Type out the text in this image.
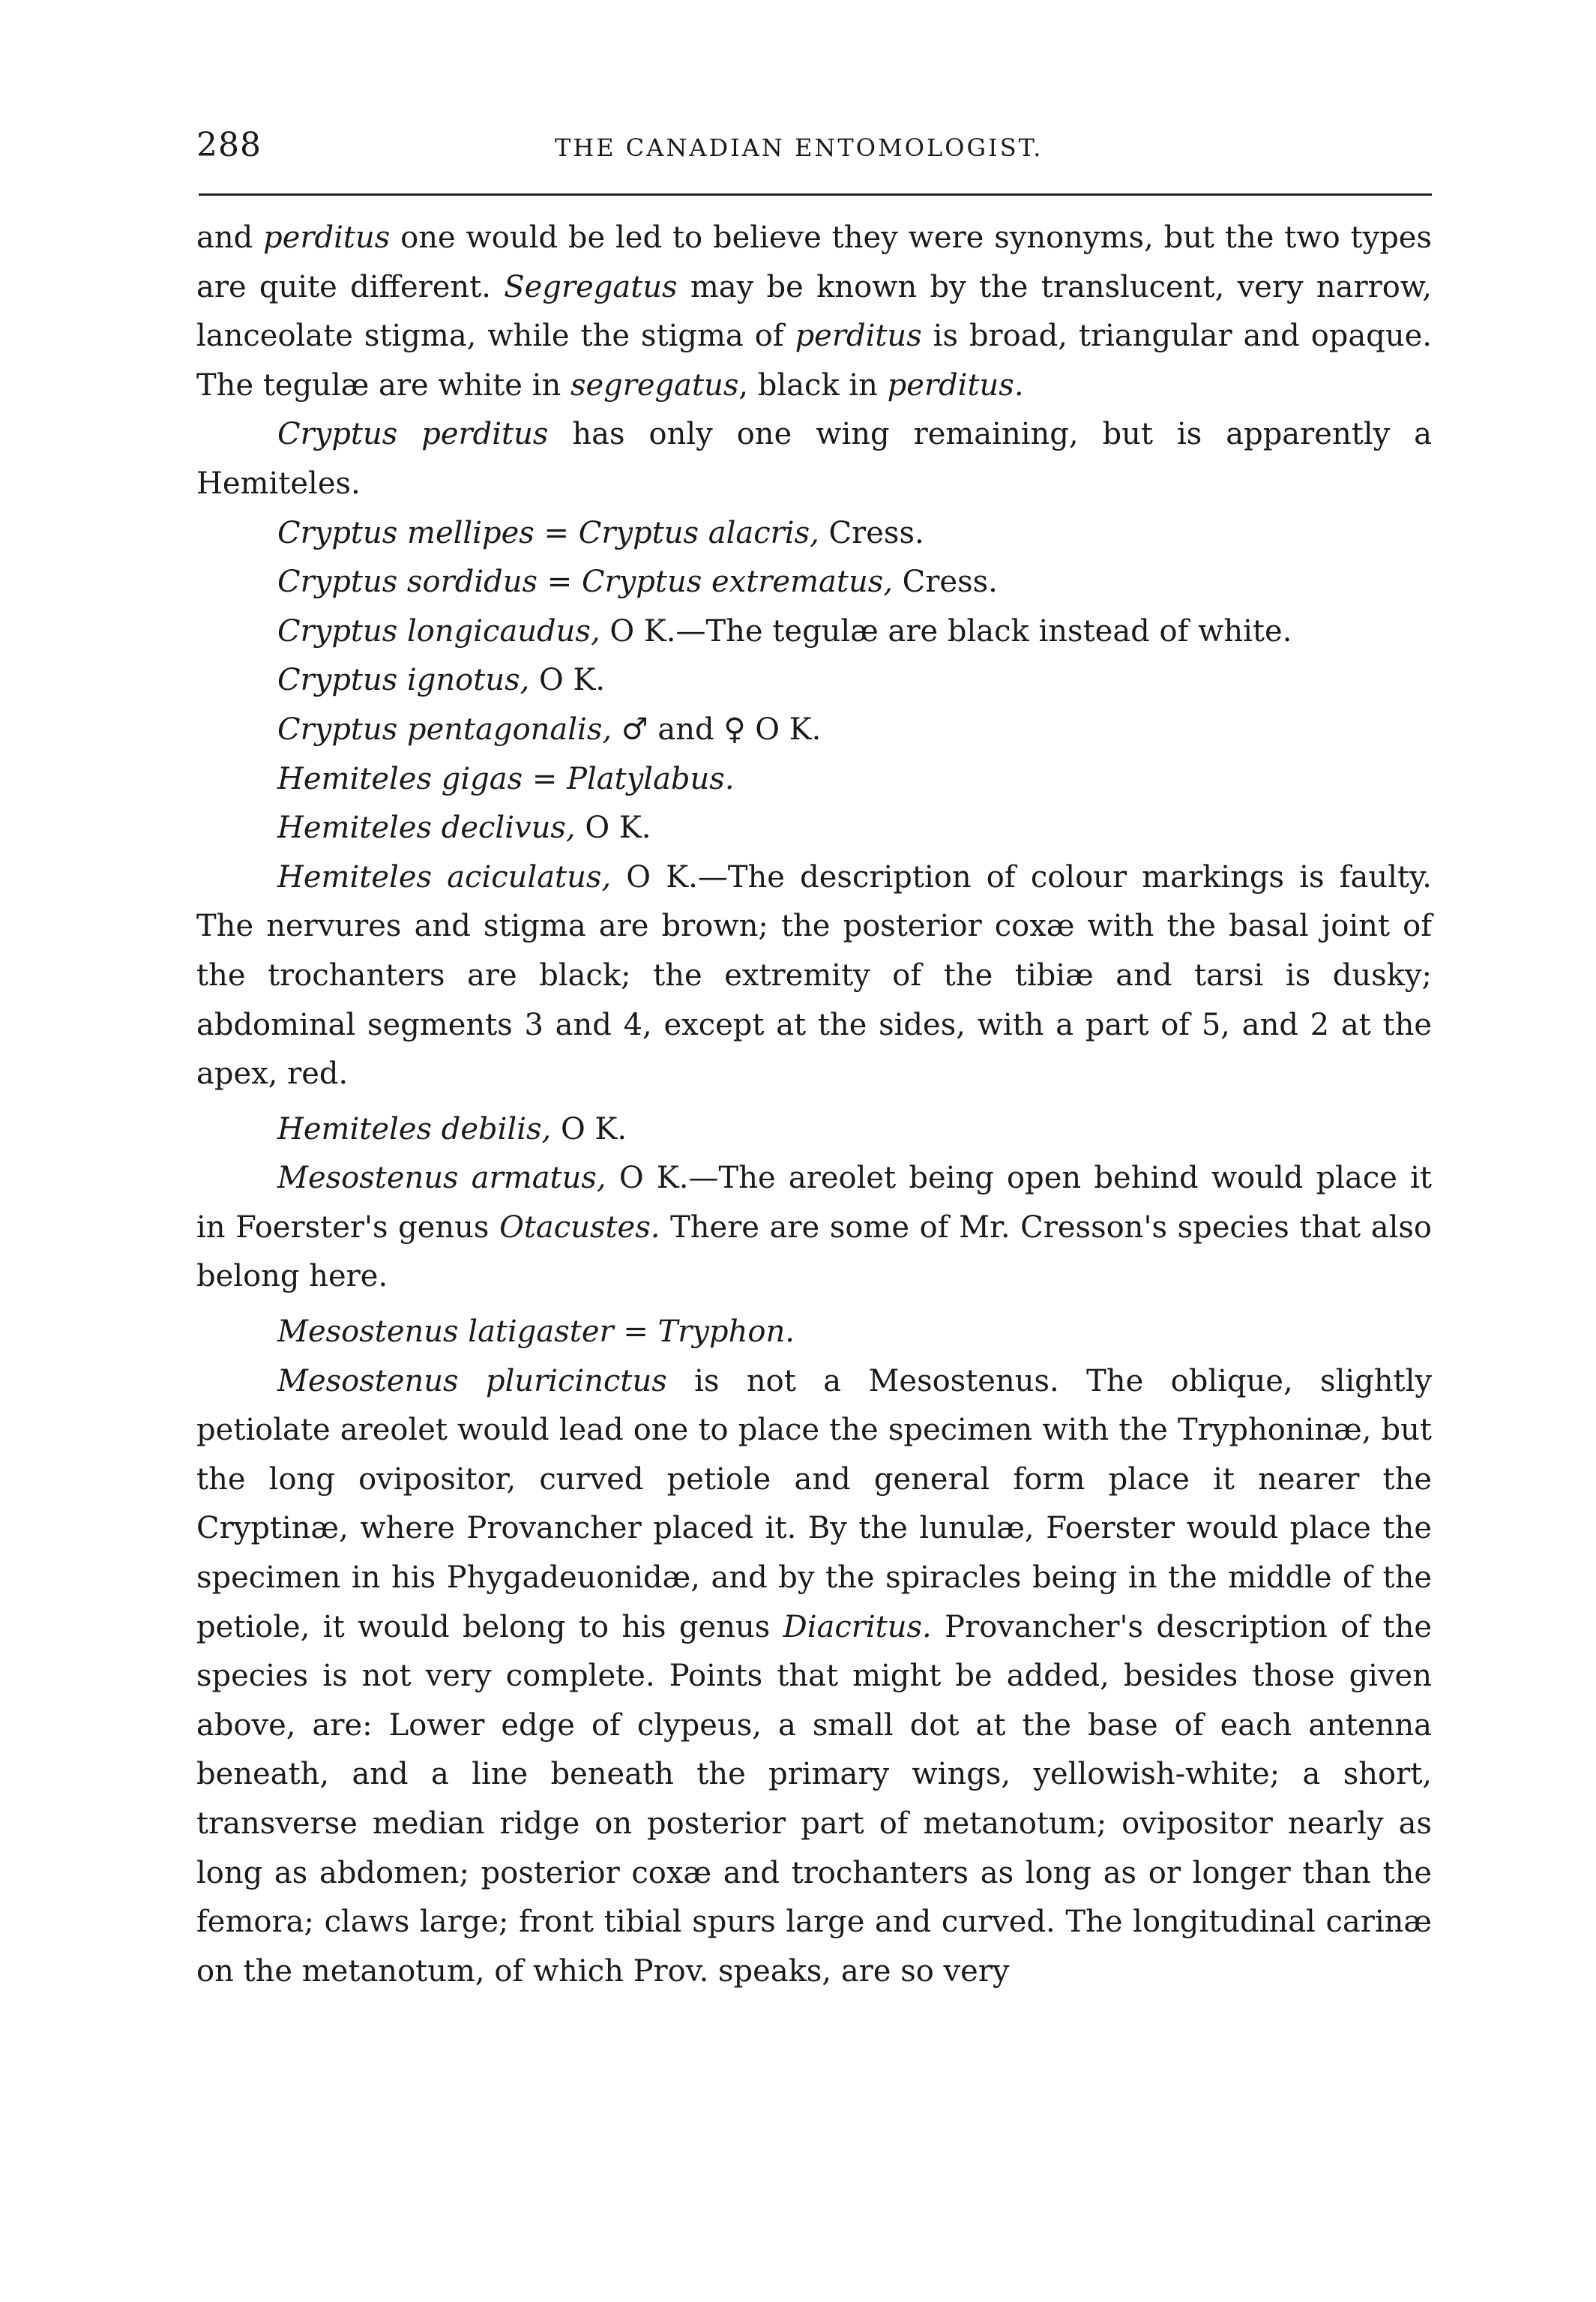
288	THE CANADIAN ENTOMOLOGIST.

and perditus one would be led to believe they were synonyms, but the two types are quite different. Segregatus may be known by the translucent, very narrow, lanceolate stigma, while the stigma of perditus is broad, triangular and opaque. The tegulæ are white in segregatus, black in perditus.

Cryptus perditus has only one wing remaining, but is apparently a Hemiteles.

Cryptus mellipes = Cryptus alacris, Cress.

Cryptus sordidus = Cryptus extrematus, Cress.

Cryptus longicaudus, O K.—The tegulæ are black instead of white.

Cryptus ignotus, O K.

Cryptus pentagonalis, ♂ and ♀ O K.

Hemiteles gigas = Platylabus.

Hemiteles declivus, O K.

Hemiteles aciculatus, O K.—The description of colour markings is faulty. The nervures and stigma are brown; the posterior coxæ with the basal joint of the trochanters are black; the extremity of the tibiæ and tarsi is dusky; abdominal segments 3 and 4, except at the sides, with a part of 5, and 2 at the apex, red.

Hemiteles debilis, O K.

Mesostenus armatus, O K.—The areolet being open behind would place it in Foerster's genus Otacustes. There are some of Mr. Cresson's species that also belong here.

Mesostenus latigaster = Tryphon.

Mesostenus pluricinctus is not a Mesostenus. The oblique, slightly petiolate areolet would lead one to place the specimen with the Tryphoninæ, but the long ovipositor, curved petiole and general form place it nearer the Cryptinæ, where Provancher placed it. By the lunulæ, Foerster would place the specimen in his Phygadeuonidæ, and by the spiracles being in the middle of the petiole, it would belong to his genus Diacritus. Provancher's description of the species is not very complete. Points that might be added, besides those given above, are: Lower edge of clypeus, a small dot at the base of each antenna beneath, and a line beneath the primary wings, yellowish-white; a short, transverse median ridge on posterior part of metanotum; ovipositor nearly as long as abdomen; posterior coxæ and trochanters as long as or longer than the femora; claws large; front tibial spurs large and curved. The longitudinal carinæ on the metanotum, of which Prov. speaks, are so very
